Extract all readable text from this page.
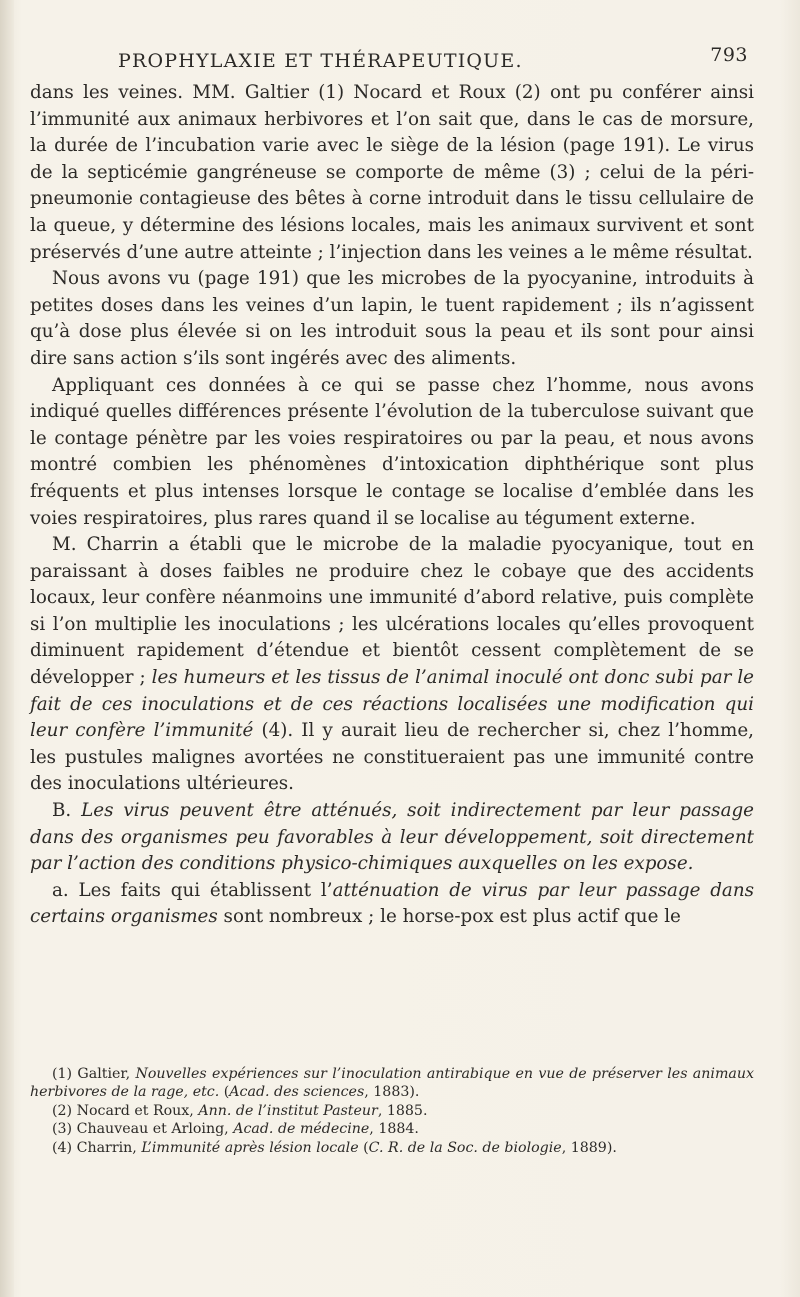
PROPHYLAXIE ET THÉRAPEUTIQUE.	793

dans les veines. MM. Galtier (1) Nocard et Roux (2) ont pu conférer ainsi l’immunité aux animaux herbivores et l’on sait que, dans le cas de morsure, la durée de l’incubation varie avec le siège de la lésion (page 191). Le virus de la septicémie gangréneuse se comporte de même (3) ; celui de la péri-pneumonie contagieuse des bêtes à corne introduit dans le tissu cellulaire de la queue, y détermine des lésions locales, mais les animaux survivent et sont préservés d’une autre atteinte ; l’injection dans les veines a le même résultat.

Nous avons vu (page 191) que les microbes de la pyocyanine, introduits à petites doses dans les veines d’un lapin, le tuent rapidement ; ils n’agissent qu’à dose plus élevée si on les introduit sous la peau et ils sont pour ainsi dire sans action s’ils sont ingérés avec des aliments.

Appliquant ces données à ce qui se passe chez l’homme, nous avons indiqué quelles différences présente l’évolution de la tuberculose suivant que le contage pénètre par les voies respiratoires ou par la peau, et nous avons montré combien les phénomènes d’intoxication diphthérique sont plus fréquents et plus intenses lorsque le contage se localise d’emblée dans les voies respiratoires, plus rares quand il se localise au tégument externe.

M. Charrin a établi que le microbe de la maladie pyocyanique, tout en paraissant à doses faibles ne produire chez le cobaye que des accidents locaux, leur confère néanmoins une immunité d’abord relative, puis complète si l’on multiplie les inoculations ; les ulcérations locales qu’elles provoquent diminuent rapidement d’étendue et bientôt cessent complètement de se développer ; les humeurs et les tissus de l’animal inoculé ont donc subi par le fait de ces inoculations et de ces réactions localisées une modification qui leur confère l’immunité (4). Il y aurait lieu de rechercher si, chez l’homme, les pustules malignes avortées ne constitueraient pas une immunité contre des inoculations ultérieures.

B. Les virus peuvent être atténués, soit indirectement par leur passage dans des organismes peu favorables à leur développement, soit directement par l’action des conditions physico-chimiques auxquelles on les expose.

a. Les faits qui établissent l’atténuation de virus par leur passage dans certains organismes sont nombreux ; le horse-pox est plus actif que le

(1) Galtier, Nouvelles expériences sur l’inoculation antirabique en vue de préserver les animaux herbivores de la rage, etc. (Acad. des sciences, 1883).

(2) Nocard et Roux, Ann. de l’institut Pasteur, 1885.

(3) Chauveau et Arloing, Acad. de médecine, 1884.

(4) Charrin, L’immunité après lésion locale (C. R. de la Soc. de biologie, 1889).
